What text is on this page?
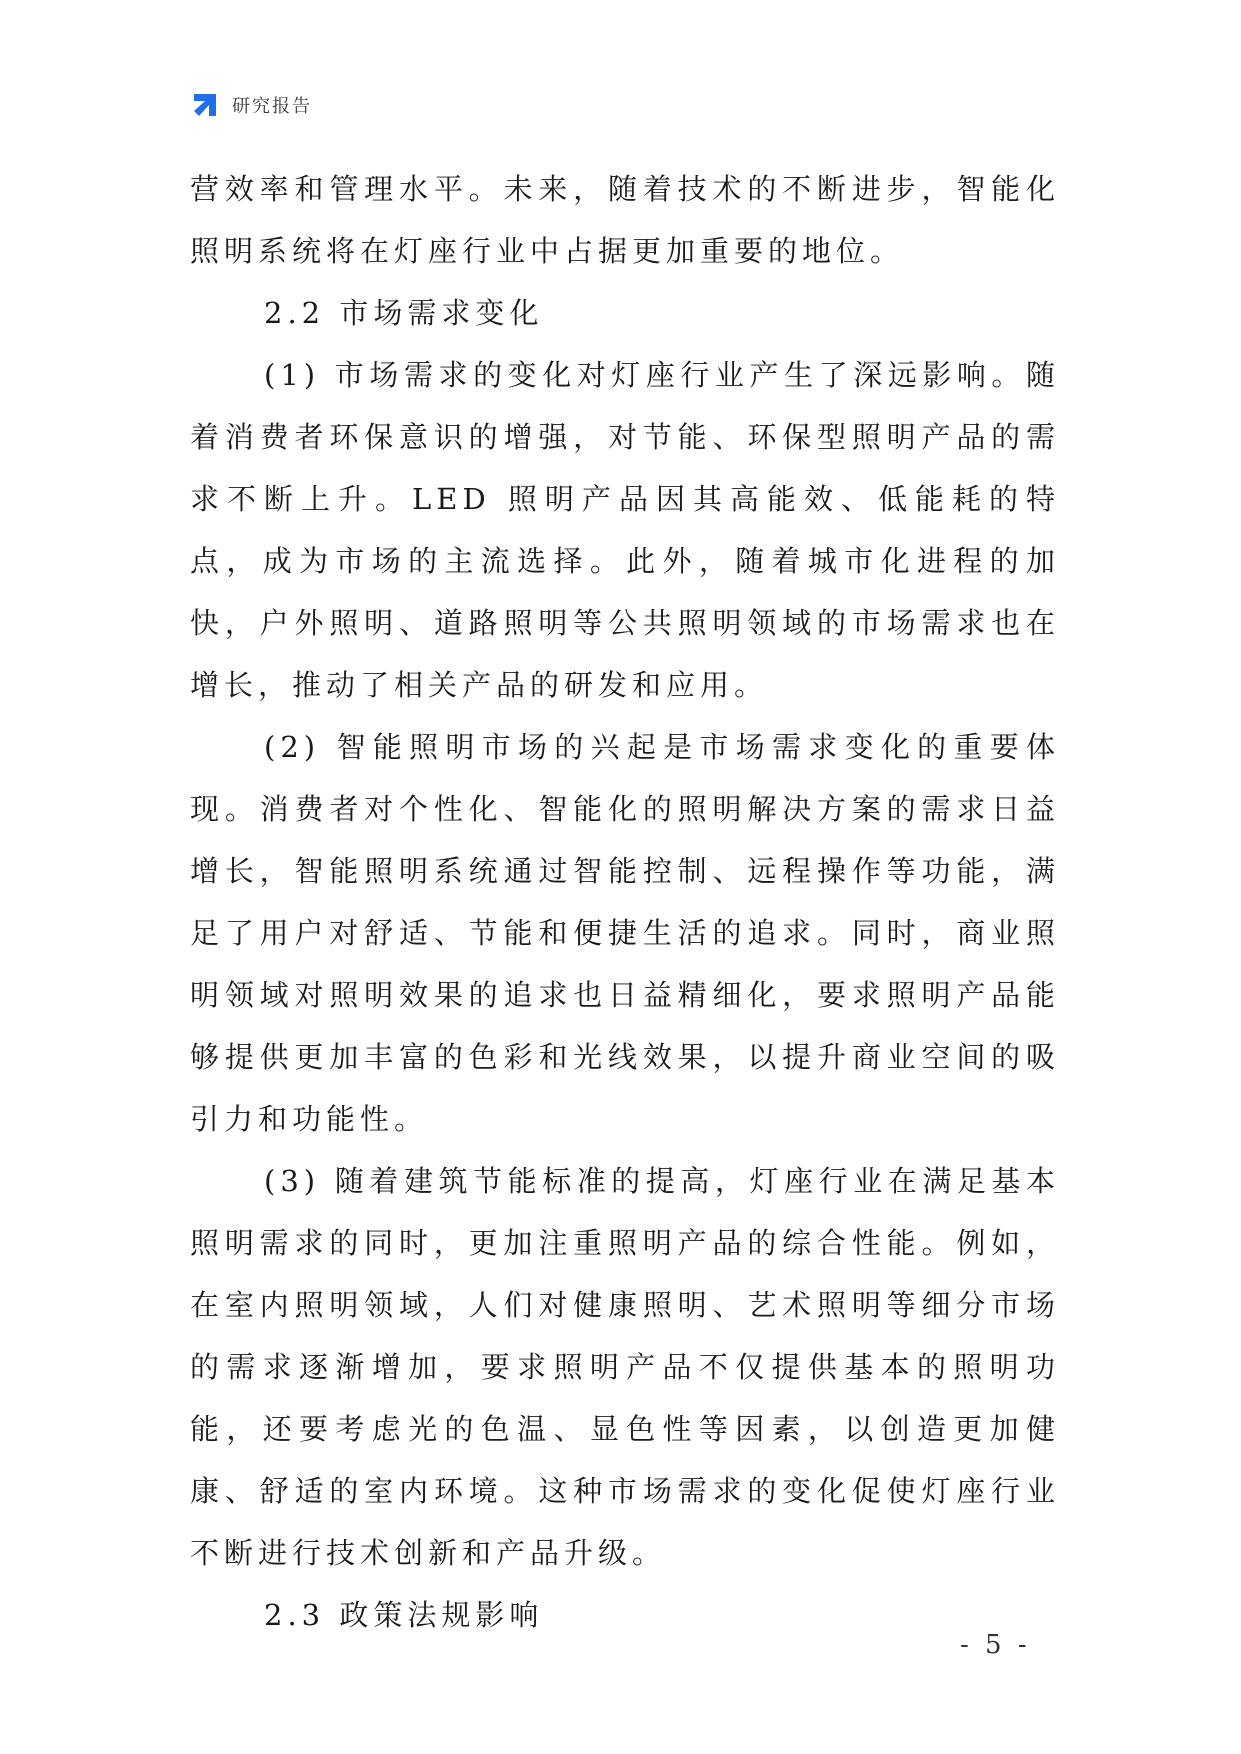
研究报告

营效率和管理水平。未来，随着技术的不断进步，智能化照明系统将在灯座行业中占据更加重要的地位。

2.2 市场需求变化

(1) 市场需求的变化对灯座行业产生了深远影响。随着消费者环保意识的增强，对节能、环保型照明产品的需求不断上升。LED 照明产品因其高能效、低能耗的特点，成为市场的主流选择。此外，随着城市化进程的加快，户外照明、道路照明等公共照明领域的市场需求也在增长，推动了相关产品的研发和应用。

(2) 智能照明市场的兴起是市场需求变化的重要体现。消费者对个性化、智能化的照明解决方案的需求日益增长，智能照明系统通过智能控制、远程操作等功能，满足了用户对舒适、节能和便捷生活的追求。同时，商业照明领域对照明效果的追求也日益精细化，要求照明产品能够提供更加丰富的色彩和光线效果，以提升商业空间的吸引力和功能性。

(3) 随着建筑节能标准的提高，灯座行业在满足基本照明需求的同时，更加注重照明产品的综合性能。例如，在室内照明领域，人们对健康照明、艺术照明等细分市场的需求逐渐增加，要求照明产品不仅提供基本的照明功能，还要考虑光的色温、显色性等因素，以创造更加健康、舒适的室内环境。这种市场需求的变化促使灯座行业不断进行技术创新和产品升级。

2.3 政策法规影响

- 5 -
